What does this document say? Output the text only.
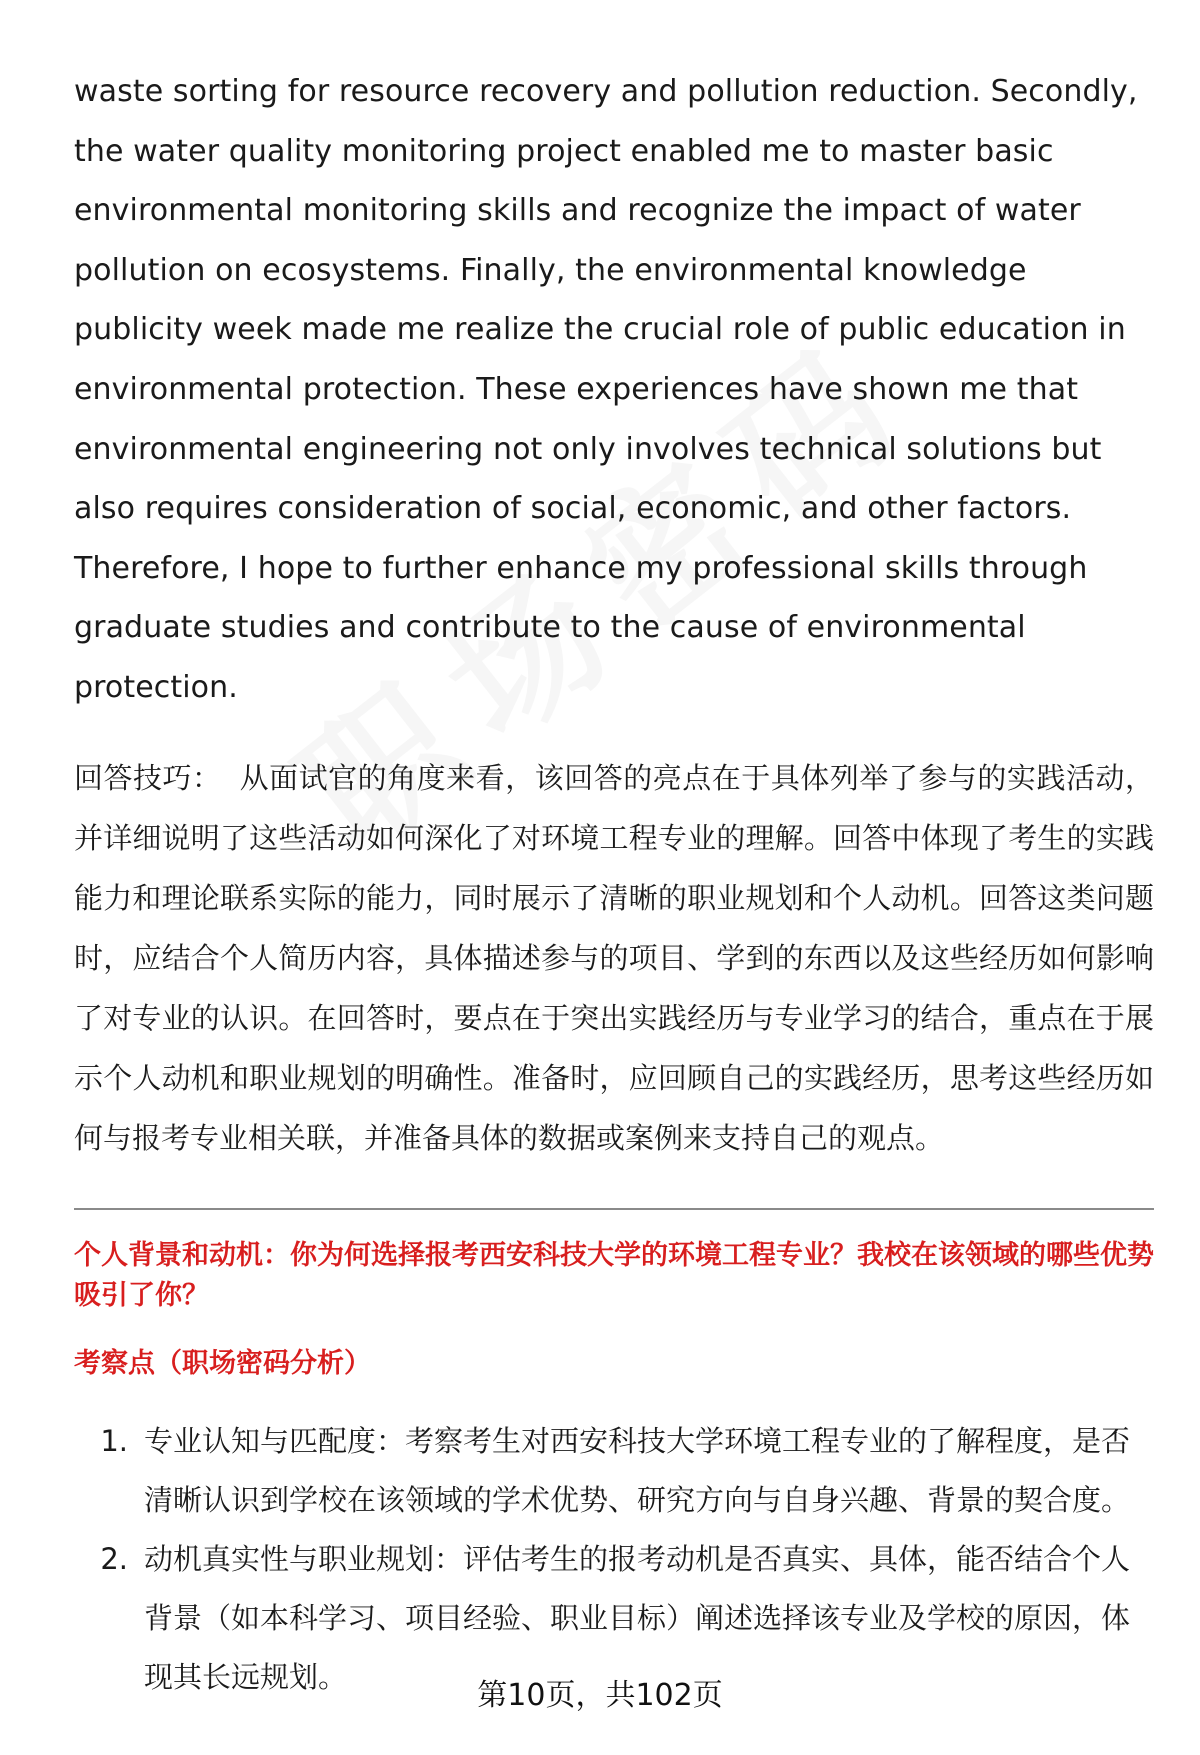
waste sorting for resource recovery and pollution reduction. Secondly, the water quality monitoring project enabled me to master basic environmental monitoring skills and recognize the impact of water pollution on ecosystems. Finally, the environmental knowledge publicity week made me realize the crucial role of public education in environmental protection. These experiences have shown me that environmental engineering not only involves technical solutions but also requires consideration of social, economic, and other factors. Therefore, I hope to further enhance my professional skills through graduate studies and contribute to the cause of environmental protection.

回答技巧： 从面试官的角度来看，该回答的亮点在于具体列举了参与的实践活动，并详细说明了这些活动如何深化了对环境工程专业的理解。回答中体现了考生的实践能力和理论联系实际的能力，同时展示了清晰的职业规划和个人动机。回答这类问题时，应结合个人简历内容，具体描述参与的项目、学到的东西以及这些经历如何影响了对专业的认识。在回答时，要点在于突出实践经历与专业学习的结合，重点在于展示个人动机和职业规划的明确性。准备时，应回顾自己的实践经历，思考这些经历如何与报考专业相关联，并准备具体的数据或案例来支持自己的观点。

个人背景和动机：你为何选择报考西安科技大学的环境工程专业？我校在该领域的哪些优势吸引了你？

考察点（职场密码分析）

1. 专业认知与匹配度：考察考生对西安科技大学环境工程专业的了解程度，是否清晰认识到学校在该领域的学术优势、研究方向与自身兴趣、背景的契合度。
2. 动机真实性与职业规划：评估考生的报考动机是否真实、具体，能否结合个人背景（如本科学习、项目经验、职业目标）阐述选择该专业及学校的原因，体现其长远规划。
第10页，共102页
